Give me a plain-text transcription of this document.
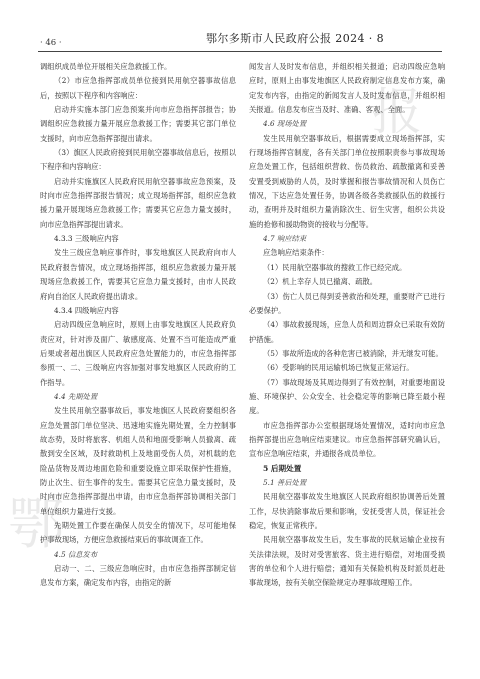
鄂
报
· 46 ·	鄂尔多斯市人民政府公报 2024 · 8

调组织成员单位开展相关应急救援工作。

（2）市应急指挥部成员单位接到民用航空器事故信息后，按照以下程序和内容响应：

启动并实施本部门应急预案并向市应急指挥部报告；协调组织应急救援力量开展应急救援工作；需要其它部门单位支援时，向市应急指挥部提出请求。

（3）旗区人民政府接到民用航空器事故信息后，按照以下程序和内容响应：

启动并实施旗区人民政府民用航空器事故应急预案，及时向市应急指挥部报告情况；成立现场指挥部，组织应急救援力量开展现场应急救援工作；需要其它应急力量支援时，向市应急指挥部提出请求。

4.3.3 三级响应内容

发生三级应急响应事件时，事发地旗区人民政府向市人民政府报告情况，成立现场指挥部，组织应急救援力量开展现场应急救援工作，需要其它应急力量支援时，由市人民政府向自治区人民政府提出请求。

4.3.4 四级响应内容

启动四级应急响应时，原则上由事发地旗区人民政府负责应对，针对涉及面广、敏感度高、处置不当可能造成严重后果或者超出旗区人民政府应急处置能力的，市应急指挥部参照一、二、三级响应内容加强对事发地旗区人民政府的工作指导。

4.4 先期处置

发生民用航空器事故后，事发地旗区人民政府要组织各应急处置部门单位坚决、迅速地实施先期处置，全力控制事故态势，及时将旅客、机组人员和地面受影响人员撤离、疏散到安全区域，及时救助机上及地面受伤人员，对机载的危险品货物及周边地面危险和重要设施立即采取保护性措施，防止次生、衍生事件的发生。需要其它应急力量支援时，及时向市应急指挥部提出申请，由市应急指挥部协调相关部门单位组织力量进行支援。

先期处置工作要在确保人员安全的情况下，尽可能地保护事故现场，方便应急救援结束后的事故调查工作。

4.5 信息发布

启动一、二、三级应急响应时，由市应急指挥部制定信息发布方案，确定发布内容，由指定的新

闻发言人及时发布信息，并组织相关报道；启动四级应急响应时，原则上由事发地旗区人民政府制定信息发布方案，确定发布内容，由指定的新闻发言人及时发布信息，并组织相关报道。信息发布应当及时、准确、客观、全面。

4.6 现场处置

发生民用航空器事故后，根据需要成立现场指挥部，实行现场指挥官制度，各有关部门单位按照职责参与事故现场应急处置工作，包括组织营救、伤员救治、疏散撤离和妥善安置受到威胁的人员，及时掌握和报告事故情况和人员伤亡情况，下达应急处置任务，协调各级各类救援队伍的救援行动，查明并及时组织力量消除次生、衍生灾害，组织公共设施的抢修和援助物资的接收与分配等。

4.7 响应结束

应急响应结束条件：

（1）民用航空器事故的搜救工作已经完成。

（2）机上幸存人员已撤离、疏散。

（3）伤亡人员已得到妥善救治和处理，重要财产已进行必要保护。

（4）事故救援现场，应急人员和周边群众已采取有效防护措施。

（5）事故所造成的各种危害已被消除，并无继发可能。

（6）受影响的民用运输机场已恢复正常运行。

（7）事故现场及其周边得到了有效控制，对重要地面设施、环境保护、公众安全、社会稳定等的影响已降至最小程度。

市应急指挥部办公室根据现场处置情况，适时向市应急指挥部提出应急响应结束建议。市应急指挥部研究确认后，宣布应急响应结束，并通报各成员单位。

5 后期处置

5.1 善后处置

民用航空器事故发生地旗区人民政府组织协调善后处置工作，尽快消除事故后果和影响，安抚受害人员，保证社会稳定，恢复正常秩序。

民用航空器事故发生后，发生事故的民航运输企业按有关法律法规，及时对受害旅客、货主进行赔偿，对地面受损害的单位和个人进行赔偿；通知有关保险机构及时派员赶赴事故现场，按有关航空保险规定办理事故理赔工作。
